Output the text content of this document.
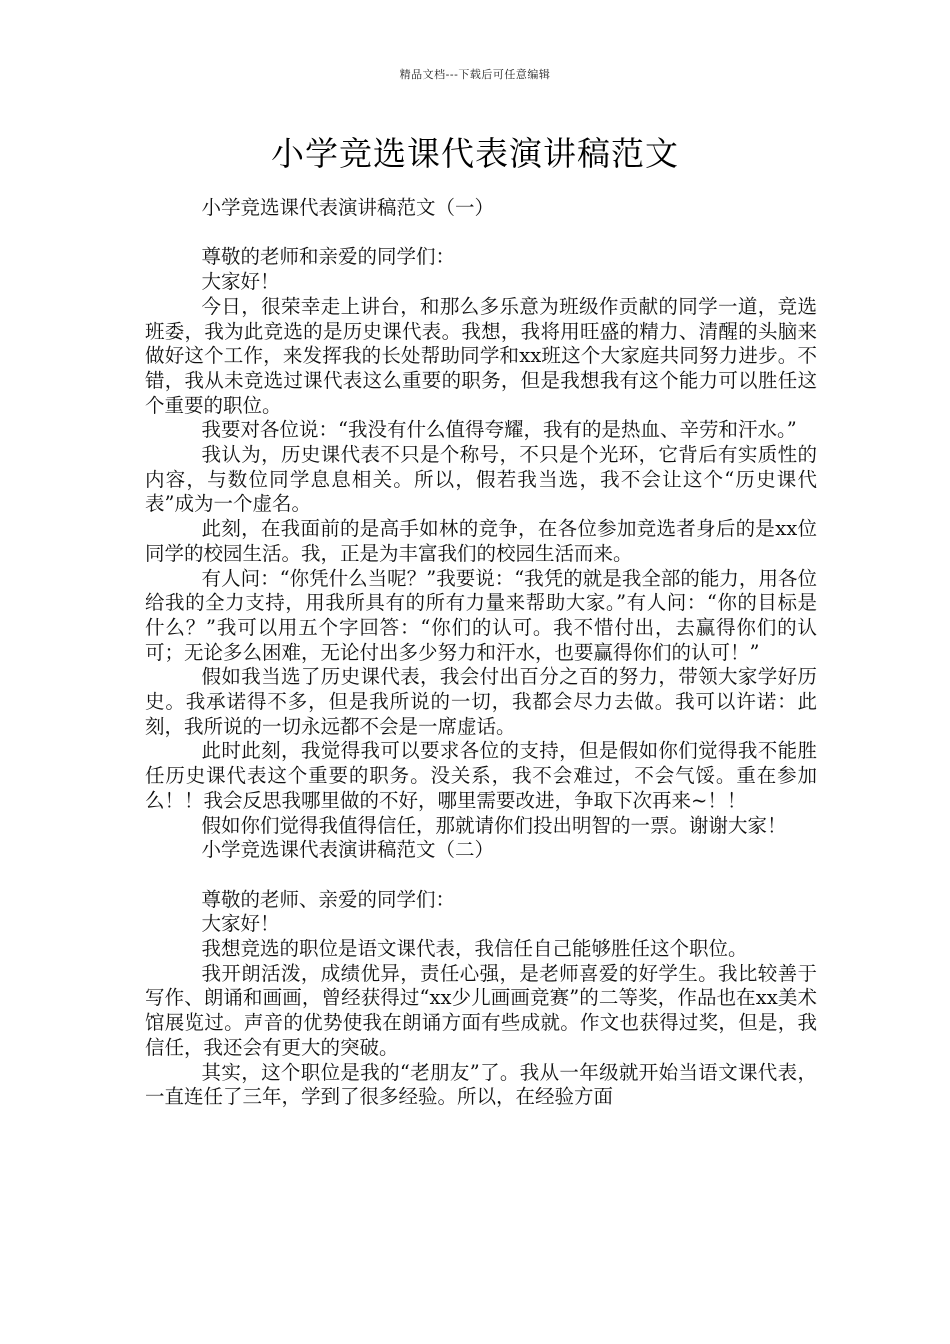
精品文档---下载后可任意编辑
小学竞选课代表演讲稿范文

小学竞选课代表演讲稿范文（一）

尊敬的老师和亲爱的同学们：

大家好！

今日，很荣幸走上讲台，和那么多乐意为班级作贡献的同学一道，竞选班委，我为此竞选的是历史课代表。我想，我将用旺盛的精力、清醒的头脑来做好这个工作，来发挥我的长处帮助同学和xx班这个大家庭共同努力进步。不错，我从未竞选过课代表这么重要的职务，但是我想我有这个能力可以胜任这个重要的职位。

我要对各位说：“我没有什么值得夸耀，我有的是热血、辛劳和汗水。”

我认为，历史课代表不只是个称号，不只是个光环，它背后有实质性的内容，与数位同学息息相关。所以，假若我当选，我不会让这个“历史课代表”成为一个虚名。

此刻，在我面前的是高手如林的竞争，在各位参加竞选者身后的是xx位同学的校园生活。我，正是为丰富我们的校园生活而来。

有人问：“你凭什么当呢？”我要说：“我凭的就是我全部的能力，用各位给我的全力支持，用我所具有的所有力量来帮助大家。”有人问：“你的目标是什么？”我可以用五个字回答：“你们的认可。我不惜付出，去赢得你们的认可；无论多么困难，无论付出多少努力和汗水，也要赢得你们的认可！”

假如我当选了历史课代表，我会付出百分之百的努力，带领大家学好历史。我承诺得不多，但是我所说的一切，我都会尽力去做。我可以许诺：此刻，我所说的一切永远都不会是一席虚话。

此时此刻，我觉得我可以要求各位的支持，但是假如你们觉得我不能胜任历史课代表这个重要的职务。没关系，我不会难过，不会气馁。重在参加么！！我会反思我哪里做的不好，哪里需要改进，争取下次再来~！！

假如你们觉得我值得信任，那就请你们投出明智的一票。谢谢大家！

小学竞选课代表演讲稿范文（二）

尊敬的老师、亲爱的同学们：

大家好！

我想竞选的职位是语文课代表，我信任自己能够胜任这个职位。

我开朗活泼，成绩优异，责任心强，是老师喜爱的好学生。我比较善于写作、朗诵和画画，曾经获得过“xx少儿画画竞赛”的二等奖，作品也在xx美术馆展览过。声音的优势使我在朗诵方面有些成就。作文也获得过奖，但是，我信任，我还会有更大的突破。

其实，这个职位是我的“老朋友”了。我从一年级就开始当语文课代表，一直连任了三年，学到了很多经验。所以，在经验方面
